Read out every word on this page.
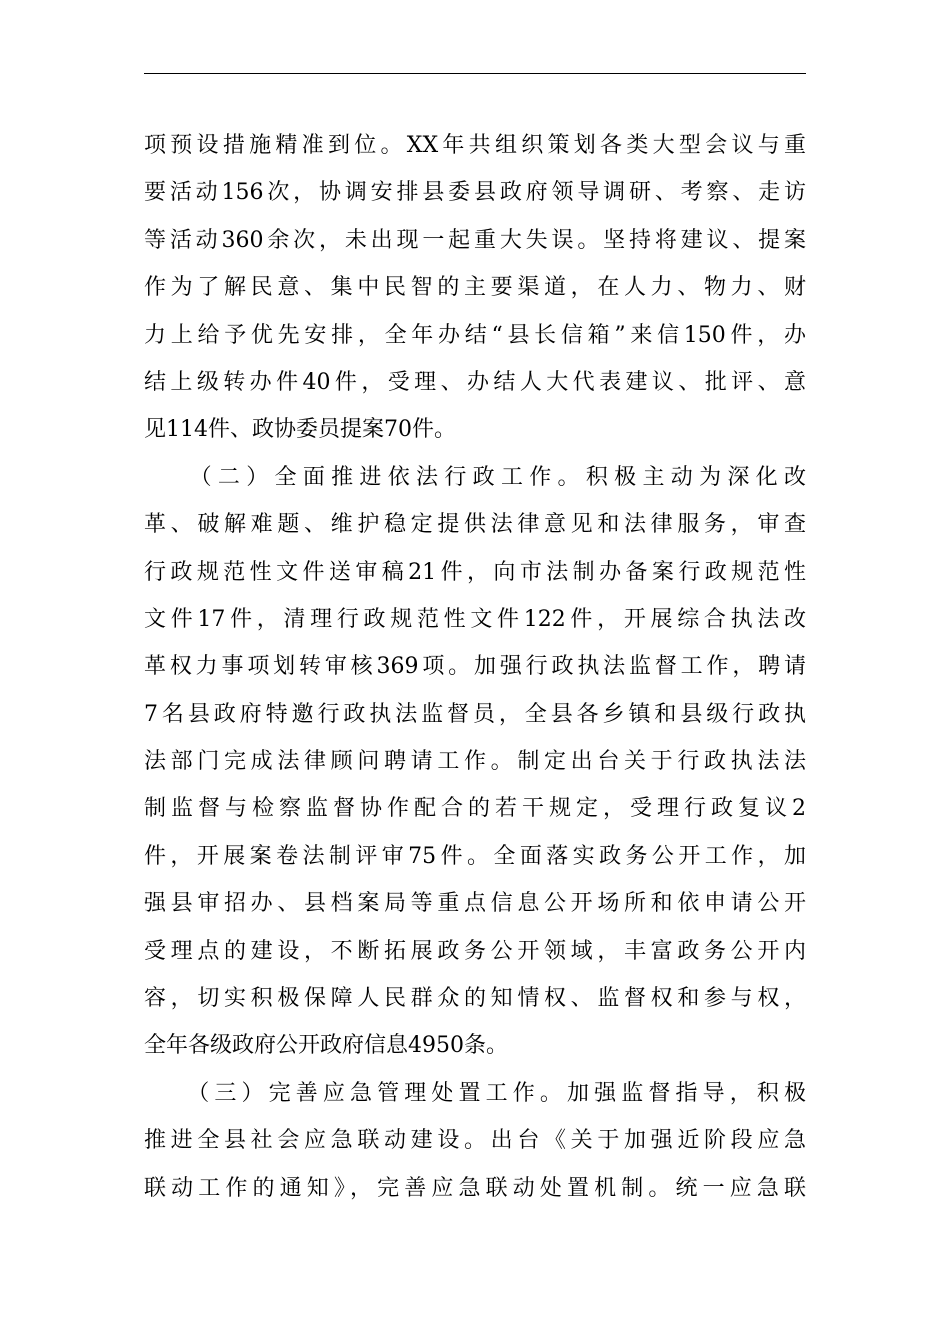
项预设措施精准到位。XX年共组织策划各类大型会议与重
要活动156次，协调安排县委县政府领导调研、考察、走访
等活动360余次，未出现一起重大失误。坚持将建议、提案
作为了解民意、集中民智的主要渠道，在人力、物力、财
力上给予优先安排，全年办结“县长信箱”来信150件，办
结上级转办件40件，受理、办结人大代表建议、批评、意
见114件、政协委员提案70件。
　　（二）全面推进依法行政工作。积极主动为深化改
革、破解难题、维护稳定提供法律意见和法律服务，审查
行政规范性文件送审稿21件，向市法制办备案行政规范性
文件17件，清理行政规范性文件122件，开展综合执法改
革权力事项划转审核369项。加强行政执法监督工作，聘请
7名县政府特邀行政执法监督员，全县各乡镇和县级行政执
法部门完成法律顾问聘请工作。制定出台关于行政执法法
制监督与检察监督协作配合的若干规定，受理行政复议2
件，开展案卷法制评审75件。全面落实政务公开工作，加
强县审招办、县档案局等重点信息公开场所和依申请公开
受理点的建设，不断拓展政务公开领域，丰富政务公开内
容，切实积极保障人民群众的知情权、监督权和参与权，
全年各级政府公开政府信息4950条。
　　（三）完善应急管理处置工作。加强监督指导，积极
推进全县社会应急联动建设。出台《关于加强近阶段应急
联动工作的通知》，完善应急联动处置机制。统一应急联
